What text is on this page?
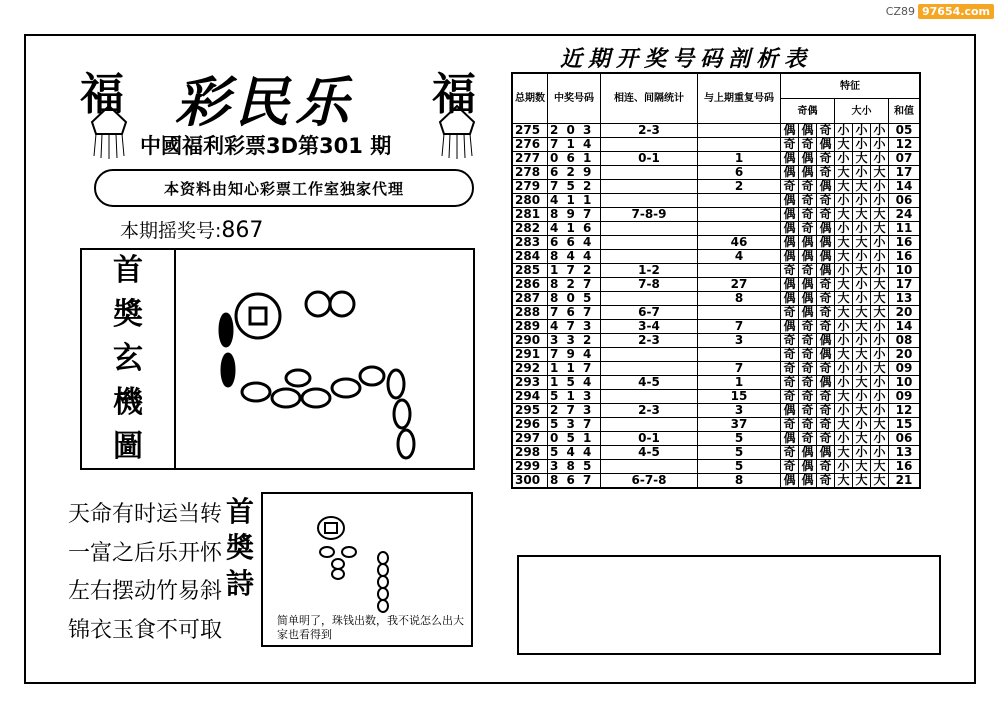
CZ89 97654.com
福	福
彩民乐
中國福利彩票3D第301 期
本资料由知心彩票工作室独家代理
本期摇奖号:867
首
奬
玄
機
圖
天命有时运当转
一富之后乐开怀
左右摆动竹易斜
锦衣玉食不可取
首
奬
詩
简单明了，珠钱出数，我不说怎么出大家也看得到
近期开奖号码剖析表
总期数	中奖号码	相连、间隔统计	与上期重复号码	特征						
				奇偶			大小			和值
275	2 0 3	2-3		偶	偶	奇	小	小	小	05
276	7 1 4			奇	奇	偶	大	小	小	12
277	0 6 1	0-1	1	偶	偶	奇	小	大	小	07
278	6 2 9		6	偶	偶	奇	大	小	大	17
279	7 5 2		2	奇	奇	偶	大	大	小	14
280	4 1 1			偶	奇	奇	小	小	小	06
281	8 9 7	7-8-9		偶	奇	奇	大	大	大	24
282	4 1 6			偶	奇	偶	小	小	大	11
283	6 6 4		46	偶	偶	偶	大	大	小	16
284	8 4 4		4	偶	偶	偶	大	小	小	16
285	1 7 2	1-2		奇	奇	偶	小	大	小	10
286	8 2 7	7-8	27	偶	偶	奇	大	小	大	17
287	8 0 5		8	偶	偶	奇	大	小	大	13
288	7 6 7	6-7		奇	偶	奇	大	大	大	20
289	4 7 3	3-4	7	偶	奇	奇	小	大	小	14
290	3 3 2	2-3	3	奇	奇	偶	小	小	小	08
291	7 9 4			奇	奇	偶	大	大	小	20
292	1 1 7		7	奇	奇	奇	小	小	大	09
293	1 5 4	4-5	1	奇	奇	偶	小	大	小	10
294	5 1 3		15	奇	奇	奇	大	小	小	09
295	2 7 3	2-3	3	偶	奇	奇	小	大	小	12
296	5 3 7		37	奇	奇	奇	大	小	大	15
297	0 5 1	0-1	5	偶	奇	奇	小	大	小	06
298	5 4 4	4-5	5	奇	偶	偶	大	小	小	13
299	3 8 5		5	奇	偶	奇	小	大	大	16
300	8 6 7	6-7-8	8	偶	偶	奇	大	大	大	21
